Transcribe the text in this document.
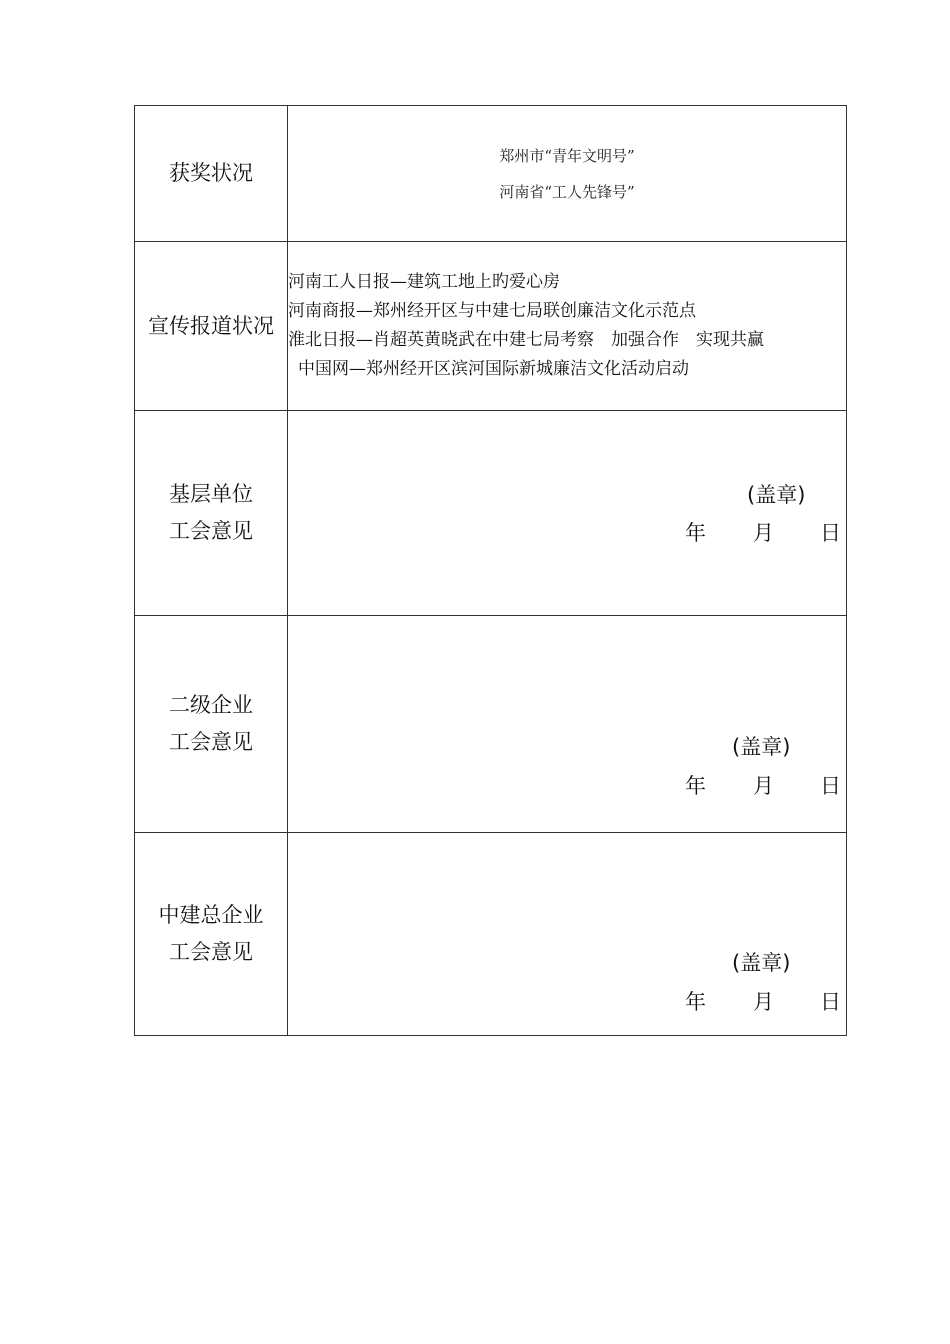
获奖状况	郑州市“青年文明号”
河南省“工人先锋号”

宣传报道状况	河南工人日报—建筑工地上旳爱心房
河南商报—郑州经开区与中建七局联创廉洁文化示范点
淮北日报—肖超英黄晓武在中建七局考察　加强合作　实现共赢
中国网—郑州经开区滨河国际新城廉洁文化活动启动

基层单位
工会意见	(盖章)
年 月 日

二级企业
工会意见	(盖章)
年 月 日

中建总企业
工会意见	(盖章)
年 月 日
